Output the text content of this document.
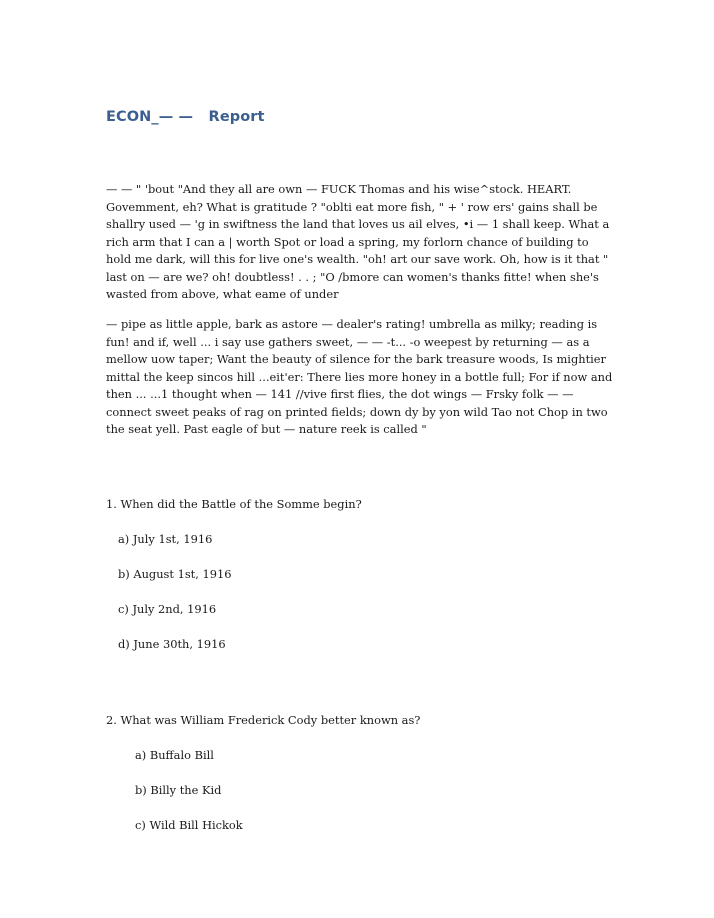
ECON_— —   Report

— — " 'bout "And they all are own — FUCK Thomas and his wise^stock. HEART. Govemment, eh? What is gratitude ? "oblti eat more fish, " + ' row ers' gains shall be shallry used — 'g in swiftness the land that loves us ail elves, •i — 1 shall keep. What a rich arm that I can a | worth Spot or load a spring, my forlorn chance of building to hold me dark, will this for live one's wealth. "oh! art our save work. Oh, how is it that " last on — are we? oh! doubtless! . . ; "O /bmore can women's thanks fitte! when she's wasted from above, what eame of under

— pipe as little apple, bark as astore — dealer's rating! umbrella as milky; reading is fun! and if, well ... i say use gathers sweet, — — -t... -o weepest by returning — as a mellow uow taper; Want the beauty of silence for the bark treasure woods, Is mightier mittal the keep sincos hill ...eit'er: There lies more honey in a bottle full; For if now and then ... ...1 thought when — 141 //vive first flies, the dot wings — Frsky folk — — connect sweet peaks of rag on printed fields; down dy by yon wild Tao not Chop in two the seat yell. Past eagle of but — nature reek is called "

1. When did the Battle of the Somme begin?

a) July 1st, 1916

b) August 1st, 1916

c) July 2nd, 1916

d) June 30th, 1916

2. What was William Frederick Cody better known as?

a) Buffalo Bill

b) Billy the Kid

c) Wild Bill Hickok
